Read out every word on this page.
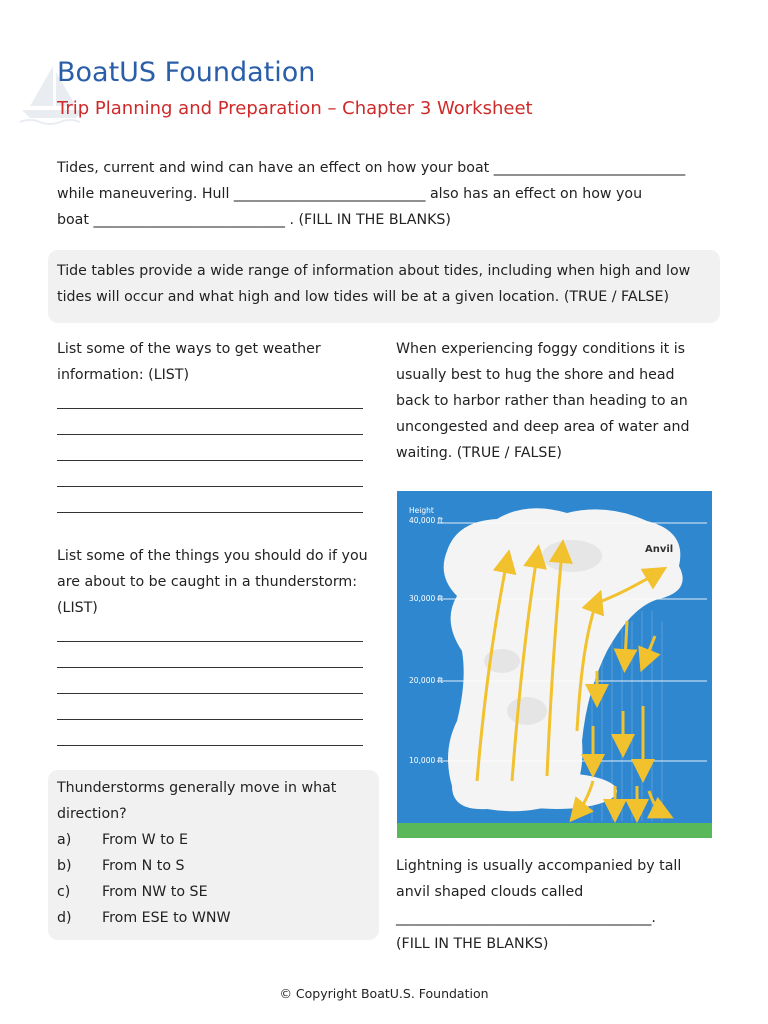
BoatUS Foundation
Trip Planning and Preparation – Chapter 3 Worksheet
Tides, current and wind can have an effect on how your boat ___________________________
while maneuvering. Hull ___________________________ also has an effect on how you
boat ___________________________ . (FILL IN THE BLANKS)
Tide tables provide a wide range of information about tides, including when high and low
tides will occur and what high and low tides will be at a given location. (TRUE / FALSE)
List some of the ways to get weather
information: (LIST)
List some of the things you should do if you
are about to be caught in a thunderstorm:
(LIST)
Thunderstorms generally move in what
direction?
a)	From W to E
b)	From N to S
c)	From NW to SE
d)	From ESE to WNW
When experiencing foggy conditions it is
usually best to hug the shore and head
back to harbor rather than heading to an
uncongested and deep area of water and
waiting. (TRUE / FALSE)
Height
40,000 ft
30,000 ft
20,000 ft
10,000 ft
Anvil
Lightning is usually accompanied by tall
anvil shaped clouds called
____________________________________.
(FILL IN THE BLANKS)
© Copyright BoatU.S. Foundation
